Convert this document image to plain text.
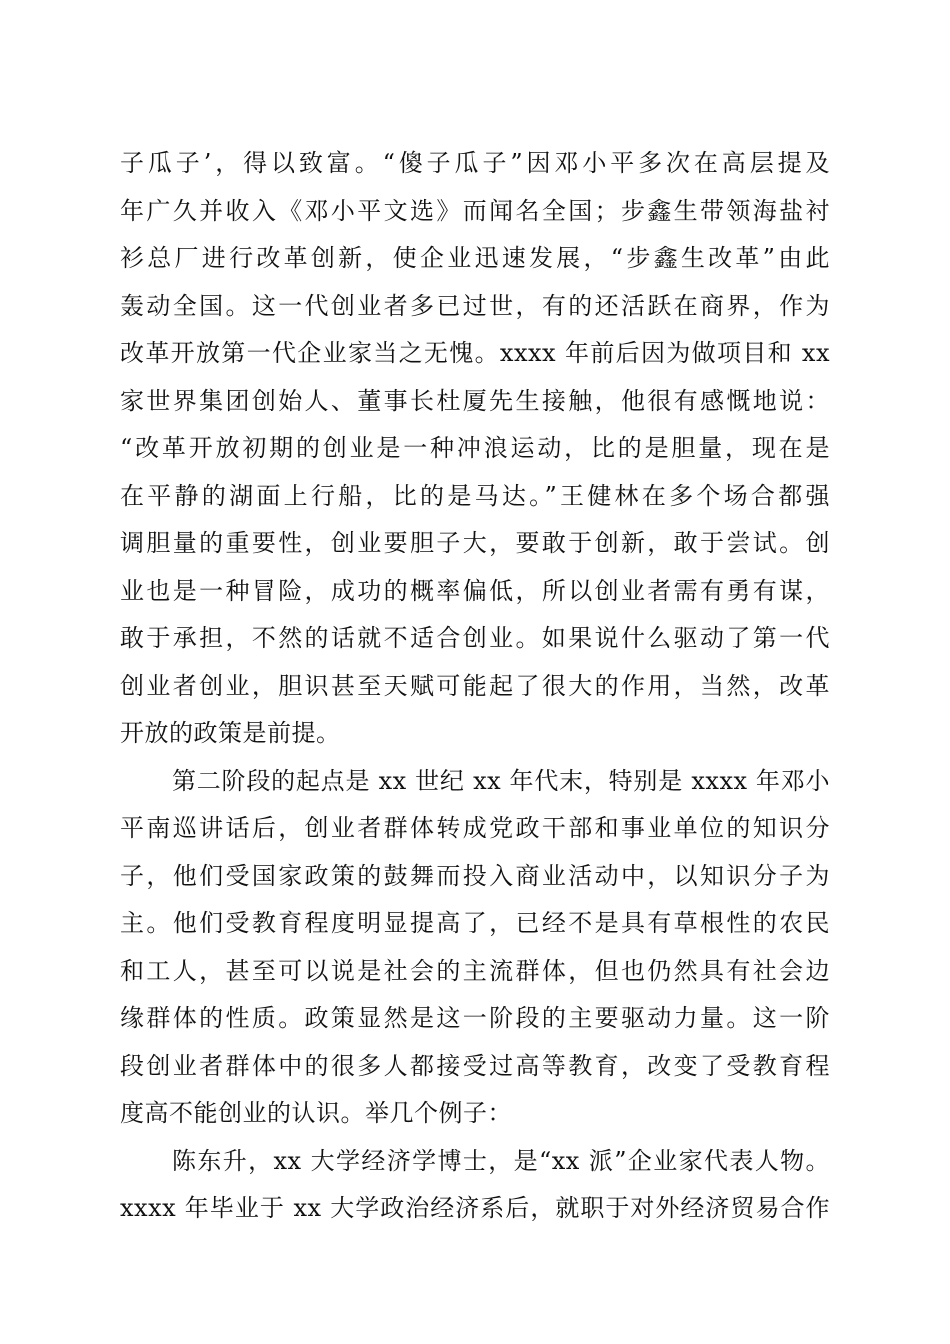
子瓜子’，得以致富。“傻子瓜子”因邓小平多次在高层提及
年广久并收入《邓小平文选》而闻名全国；步鑫生带领海盐衬
衫总厂进行改革创新，使企业迅速发展，“步鑫生改革”由此
轰动全国。这一代创业者多已过世，有的还活跃在商界，作为
改革开放第一代企业家当之无愧。xxxx 年前后因为做项目和 xx
家世界集团创始人、董事长杜厦先生接触，他很有感慨地说：
“改革开放初期的创业是一种冲浪运动，比的是胆量，现在是
在平静的湖面上行船，比的是马达。”王健林在多个场合都强
调胆量的重要性，创业要胆子大，要敢于创新，敢于尝试。创
业也是一种冒险，成功的概率偏低，所以创业者需有勇有谋，
敢于承担，不然的话就不适合创业。如果说什么驱动了第一代
创业者创业，胆识甚至天赋可能起了很大的作用，当然，改革
开放的政策是前提。
第二阶段的起点是 xx 世纪 xx 年代末，特别是 xxxx 年邓小
平南巡讲话后，创业者群体转成党政干部和事业单位的知识分
子，他们受国家政策的鼓舞而投入商业活动中，以知识分子为
主。他们受教育程度明显提高了，已经不是具有草根性的农民
和工人，甚至可以说是社会的主流群体，但也仍然具有社会边
缘群体的性质。政策显然是这一阶段的主要驱动力量。这一阶
段创业者群体中的很多人都接受过高等教育，改变了受教育程
度高不能创业的认识。举几个例子：
陈东升，xx 大学经济学博士，是“xx 派”企业家代表人物。
xxxx 年毕业于 xx 大学政治经济系后，就职于对外经济贸易合作
